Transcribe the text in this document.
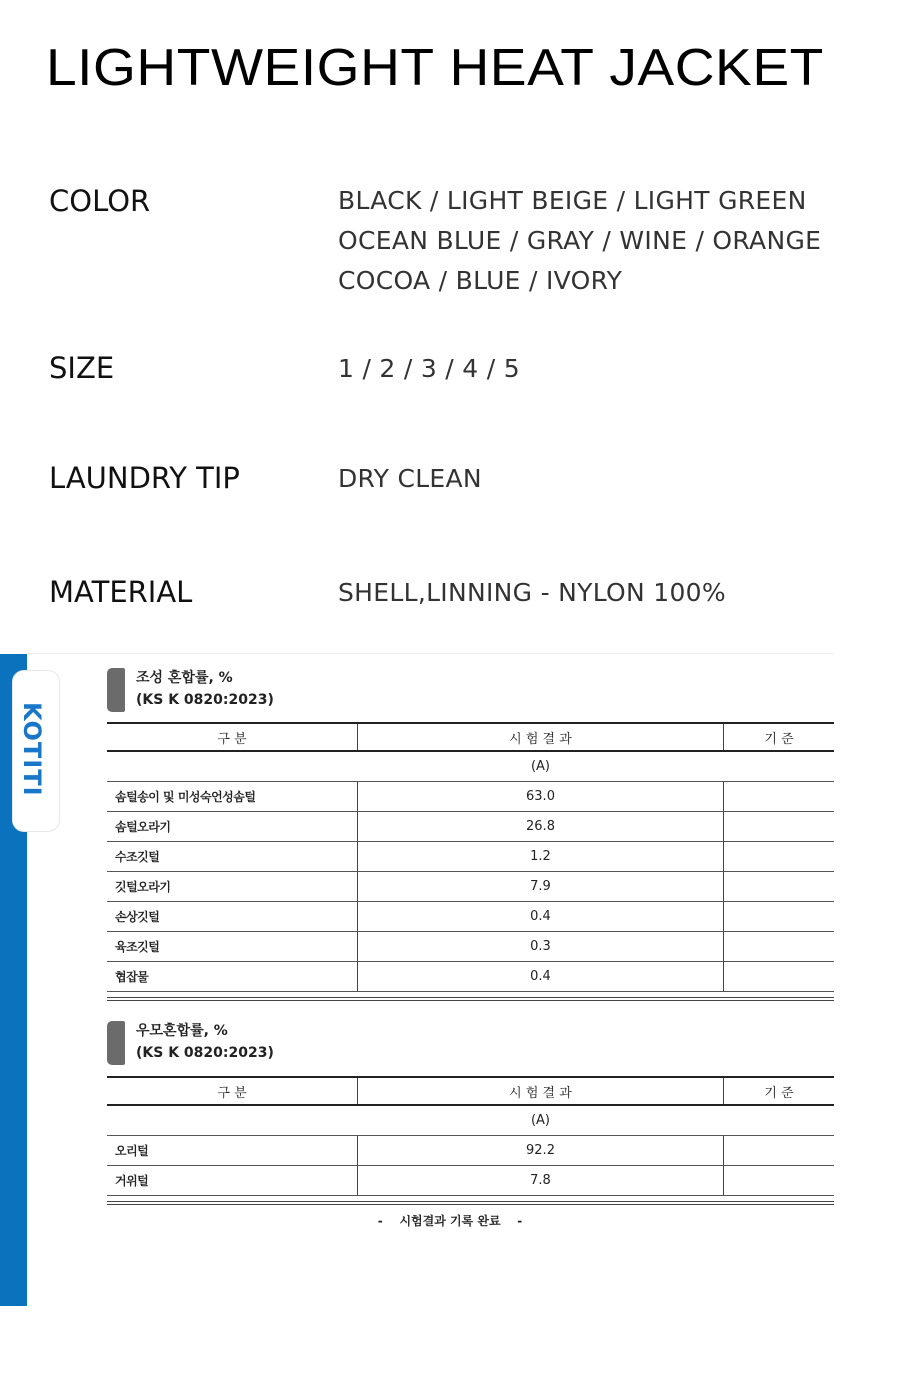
LIGHTWEIGHT HEAT JACKET
COLOR	BLACK / LIGHT BEIGE / LIGHT GREEN
OCEAN BLUE / GRAY / WINE / ORANGE
COCOA / BLUE / IVORY
SIZE	1 / 2 / 3 / 4 / 5
LAUNDRY TIP	DRY CLEAN
MATERIAL	SHELL,LINNING - NYLON 100%
KOTITI
조성 혼합률, %
(KS K 0820:2023)
구 분	시 험 결 과	기 준
	(A)	
솜털송이 및 미성숙언성솜털	63.0	
솜털오라기	26.8	
수조깃털	1.2	
깃털오라기	7.9	
손상깃털	0.4	
육조깃털	0.3	
협잡물	0.4	
우모혼합률, %
(KS K 0820:2023)
구 분	시 험 결 과	기 준
	(A)	
오리털	92.2	
거위털	7.8	
-    시험결과 기록 완료    -
